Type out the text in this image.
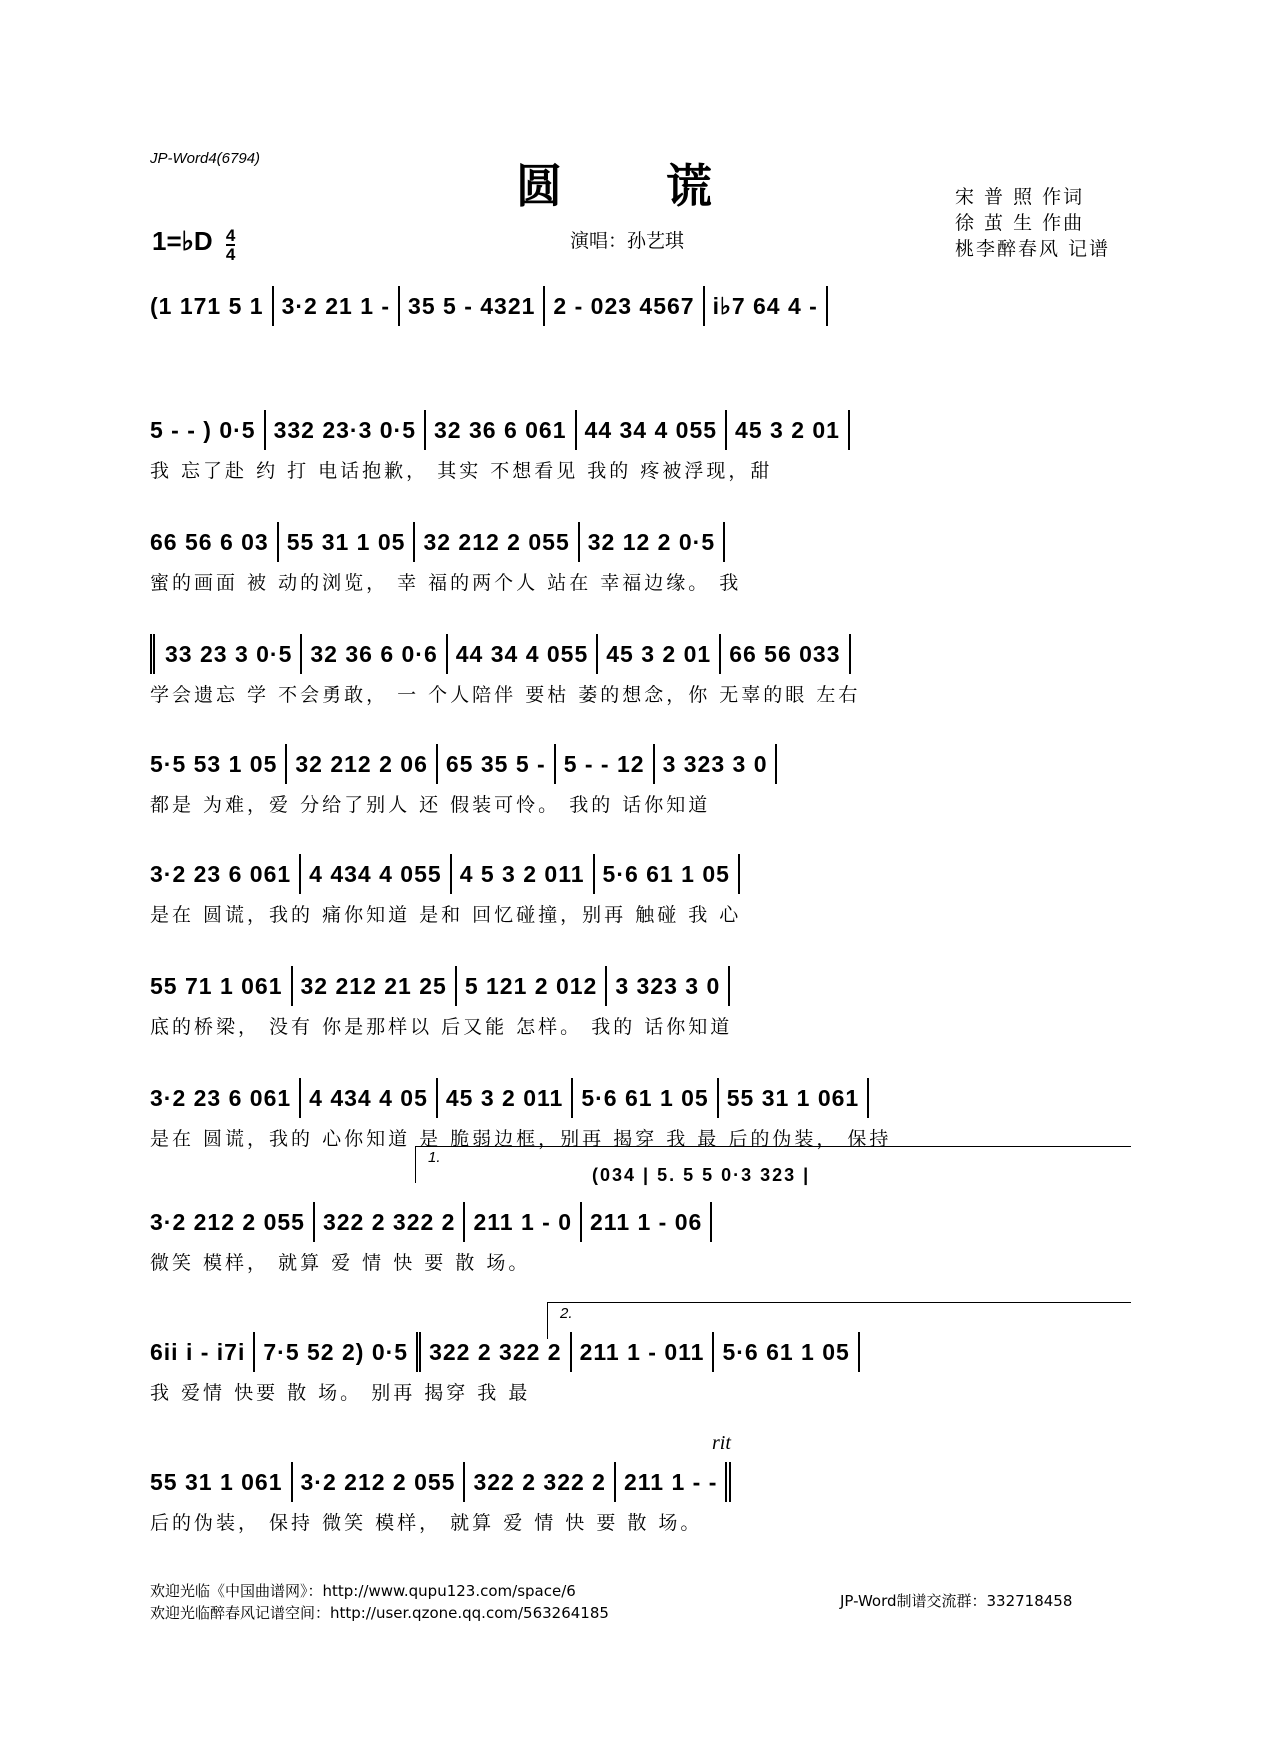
JP-Word4(6794)
圆 谎
1=♭D $\frac{4}{4}$	演唱：孙艺琪
宋 普 照 作词
徐 茧 生 作曲
桃李醉春风 记谱
(1 171 5 1 3·2 21 1 - 35 5 - 4321 2 - 023 4567 i♭7 64 4 -
5 - - ) 0·5 332 23·3 0·5 32 36 6 061 44 34 4 055 45 3 2 01
我 忘了赴 约 打 电话抱歉， 其实 不想看见 我的 疼被浮现，甜
66 56 6 03 55 31 1 05 32 212 2 055 32 12 2 0·5
蜜的画面 被 动的浏览， 幸 福的两个人 站在 幸福边缘。 我
33 23 3 0·5 32 36 6 0·6 44 34 4 055 45 3 2 01 66 56 033
学会遗忘 学 不会勇敢， 一 个人陪伴 要枯 萎的想念，你 无辜的眼 左右
5·5 53 1 05 32 212 2 06 65 35 5 - 5 - - 12 3 323 3 0
都是 为难，爱 分给了别人 还 假装可怜。 我的 话你知道
3·2 23 6 061 4 434 4 055 4 5 3 2 011 5·6 61 1 05
是在 圆谎，我的 痛你知道 是和 回忆碰撞，别再 触碰 我 心
55 71 1 061 32 212 21 25 5 121 2 012 3 323 3 0
底的桥梁， 没有 你是那样以 后又能 怎样。 我的 话你知道
3·2 23 6 061 4 434 4 05 45 3 2 011 5·6 61 1 05 55 31 1 061
是在 圆谎，我的 心你知道 是 脆弱边框，别再 揭穿 我 最 后的伪装， 保持
1.
(034 | 5. 5 5 0·3 323 |
3·2 212 2 055 322 2 322 2 211 1 - 0 211 1 - 06
微笑 模样， 就算 爱 情 快 要 散 场。
2.
6ii i - i7i 7·5 52 2) 0·5 322 2 322 2 211 1 - 011 5·6 61 1 05
我 爱情 快要 散 场。 别再 揭穿 我 最
rit
55 31 1 061 3·2 212 2 055 322 2 322 2 211 1 - -
后的伪装， 保持 微笑 模样， 就算 爱 情 快 要 散 场。
欢迎光临《中国曲谱网》：http://www.qupu123.com/space/6
欢迎光临醉春风记谱空间：http://user.qzone.qq.com/563264185
JP-Word制谱交流群：332718458
